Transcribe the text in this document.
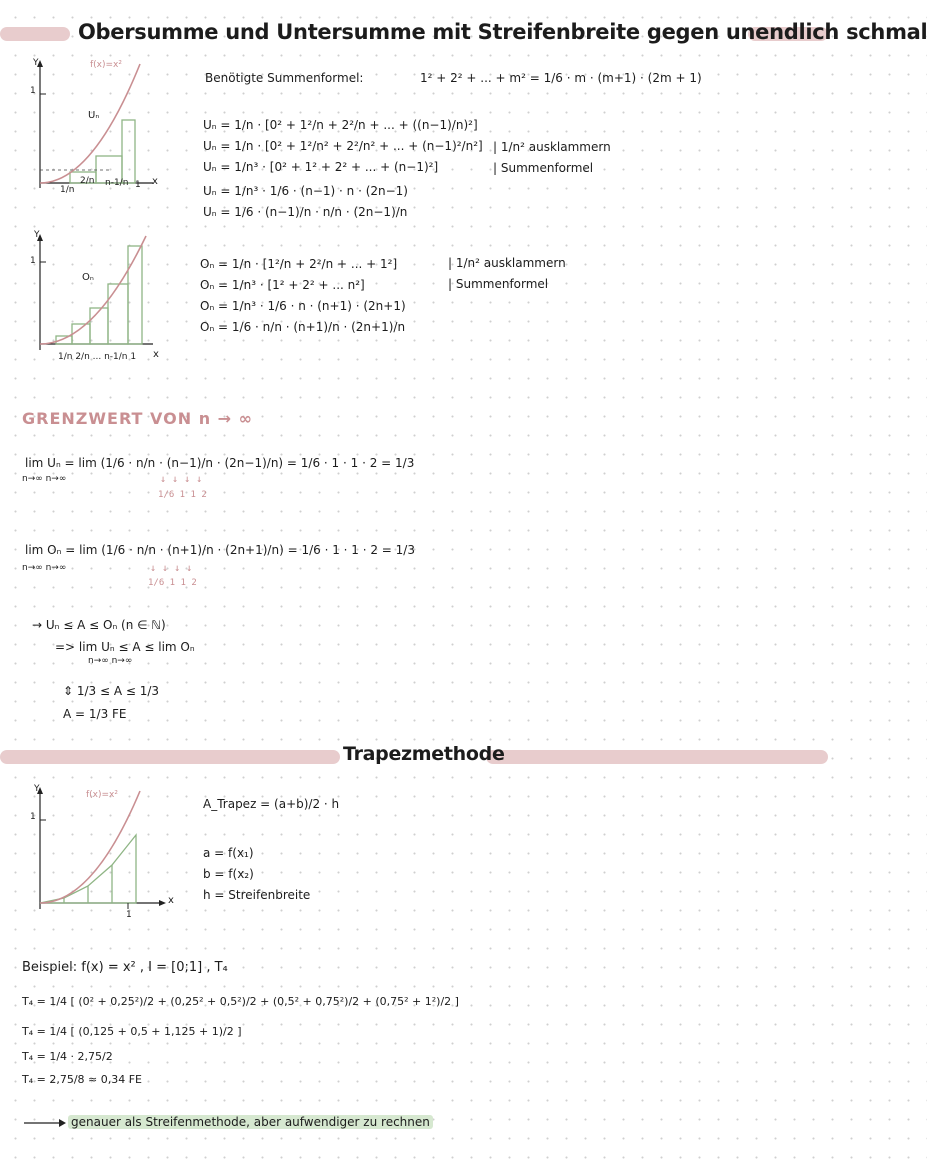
Obersumme und Untersumme mit Streifenbreite gegen unendlich schmal
Y
1
f(x)=x²
Uₙ
x
1/n
2/n n-1/n 1
Benötigte Summenformel:	1² + 2² + ... + m² = 1/6 · m · (m+1) · (2m + 1)
Uₙ = 1/n · [0² + 1²/n + 2²/n + ... + ((n−1)/n)²]
Uₙ = 1/n · [0² + 1²/n² + 2²/n² + ... + (n−1)²/n²]
Uₙ = 1/n³ · [0² + 1² + 2² + ... + (n−1)²]
Uₙ = 1/n³ · 1/6 · (n−1) · n · (2n−1)
Uₙ = 1/6 · (n−1)/n · n/n · (2n−1)/n
| 1/n² ausklammern
| Summenformel
Y
1
Oₙ
x
1/n 2/n ... n-1/n 1
Oₙ = 1/n · [1²/n + 2²/n + ... + 1²]
Oₙ = 1/n³ · [1² + 2² + ... n²]
Oₙ = 1/n³ · 1/6 · n · (n+1) · (2n+1)
Oₙ = 1/6 · n/n · (n+1)/n · (2n+1)/n
| 1/n² ausklammern
| Summenformel
GRENZWERT VON n → ∞
lim Uₙ = lim (1/6 · n/n · (n−1)/n · (2n−1)/n) = 1/6 · 1 · 1 · 2 = 1/3
n→∞ n→∞	↓ ↓ ↓ ↓
1/6 1 1 2
lim Oₙ = lim (1/6 · n/n · (n+1)/n · (2n+1)/n) = 1/6 · 1 · 1 · 2 = 1/3
n→∞ n→∞	↓ ↓ ↓ ↓
1/6 1 1 2
→ Uₙ ≤ A ≤ Oₙ (n ∈ ℕ)
=> lim Uₙ ≤ A ≤ lim Oₙ
n→∞ n→∞
⇕ 1/3 ≤ A ≤ 1/3
A = 1/3 FE
Trapezmethode
Y
1
f(x)=x²
x
1
A_Trapez = (a+b)/2 · h
a = f(x₁)
b = f(x₂)
h = Streifenbreite
Beispiel: f(x) = x² , I = [0;1] , T₄
T₄ = 1/4 [ (0² + 0,25²)/2 + (0,25² + 0,5²)/2 + (0,5² + 0,75²)/2 + (0,75² + 1²)/2 ]
T₄ = 1/4 [ (0,125 + 0,5 + 1,125 + 1)/2 ]
T₄ = 1/4 · 2,75/2
T₄ = 2,75/8 ≈ 0,34 FE
genauer als Streifenmethode, aber aufwendiger zu rechnen
